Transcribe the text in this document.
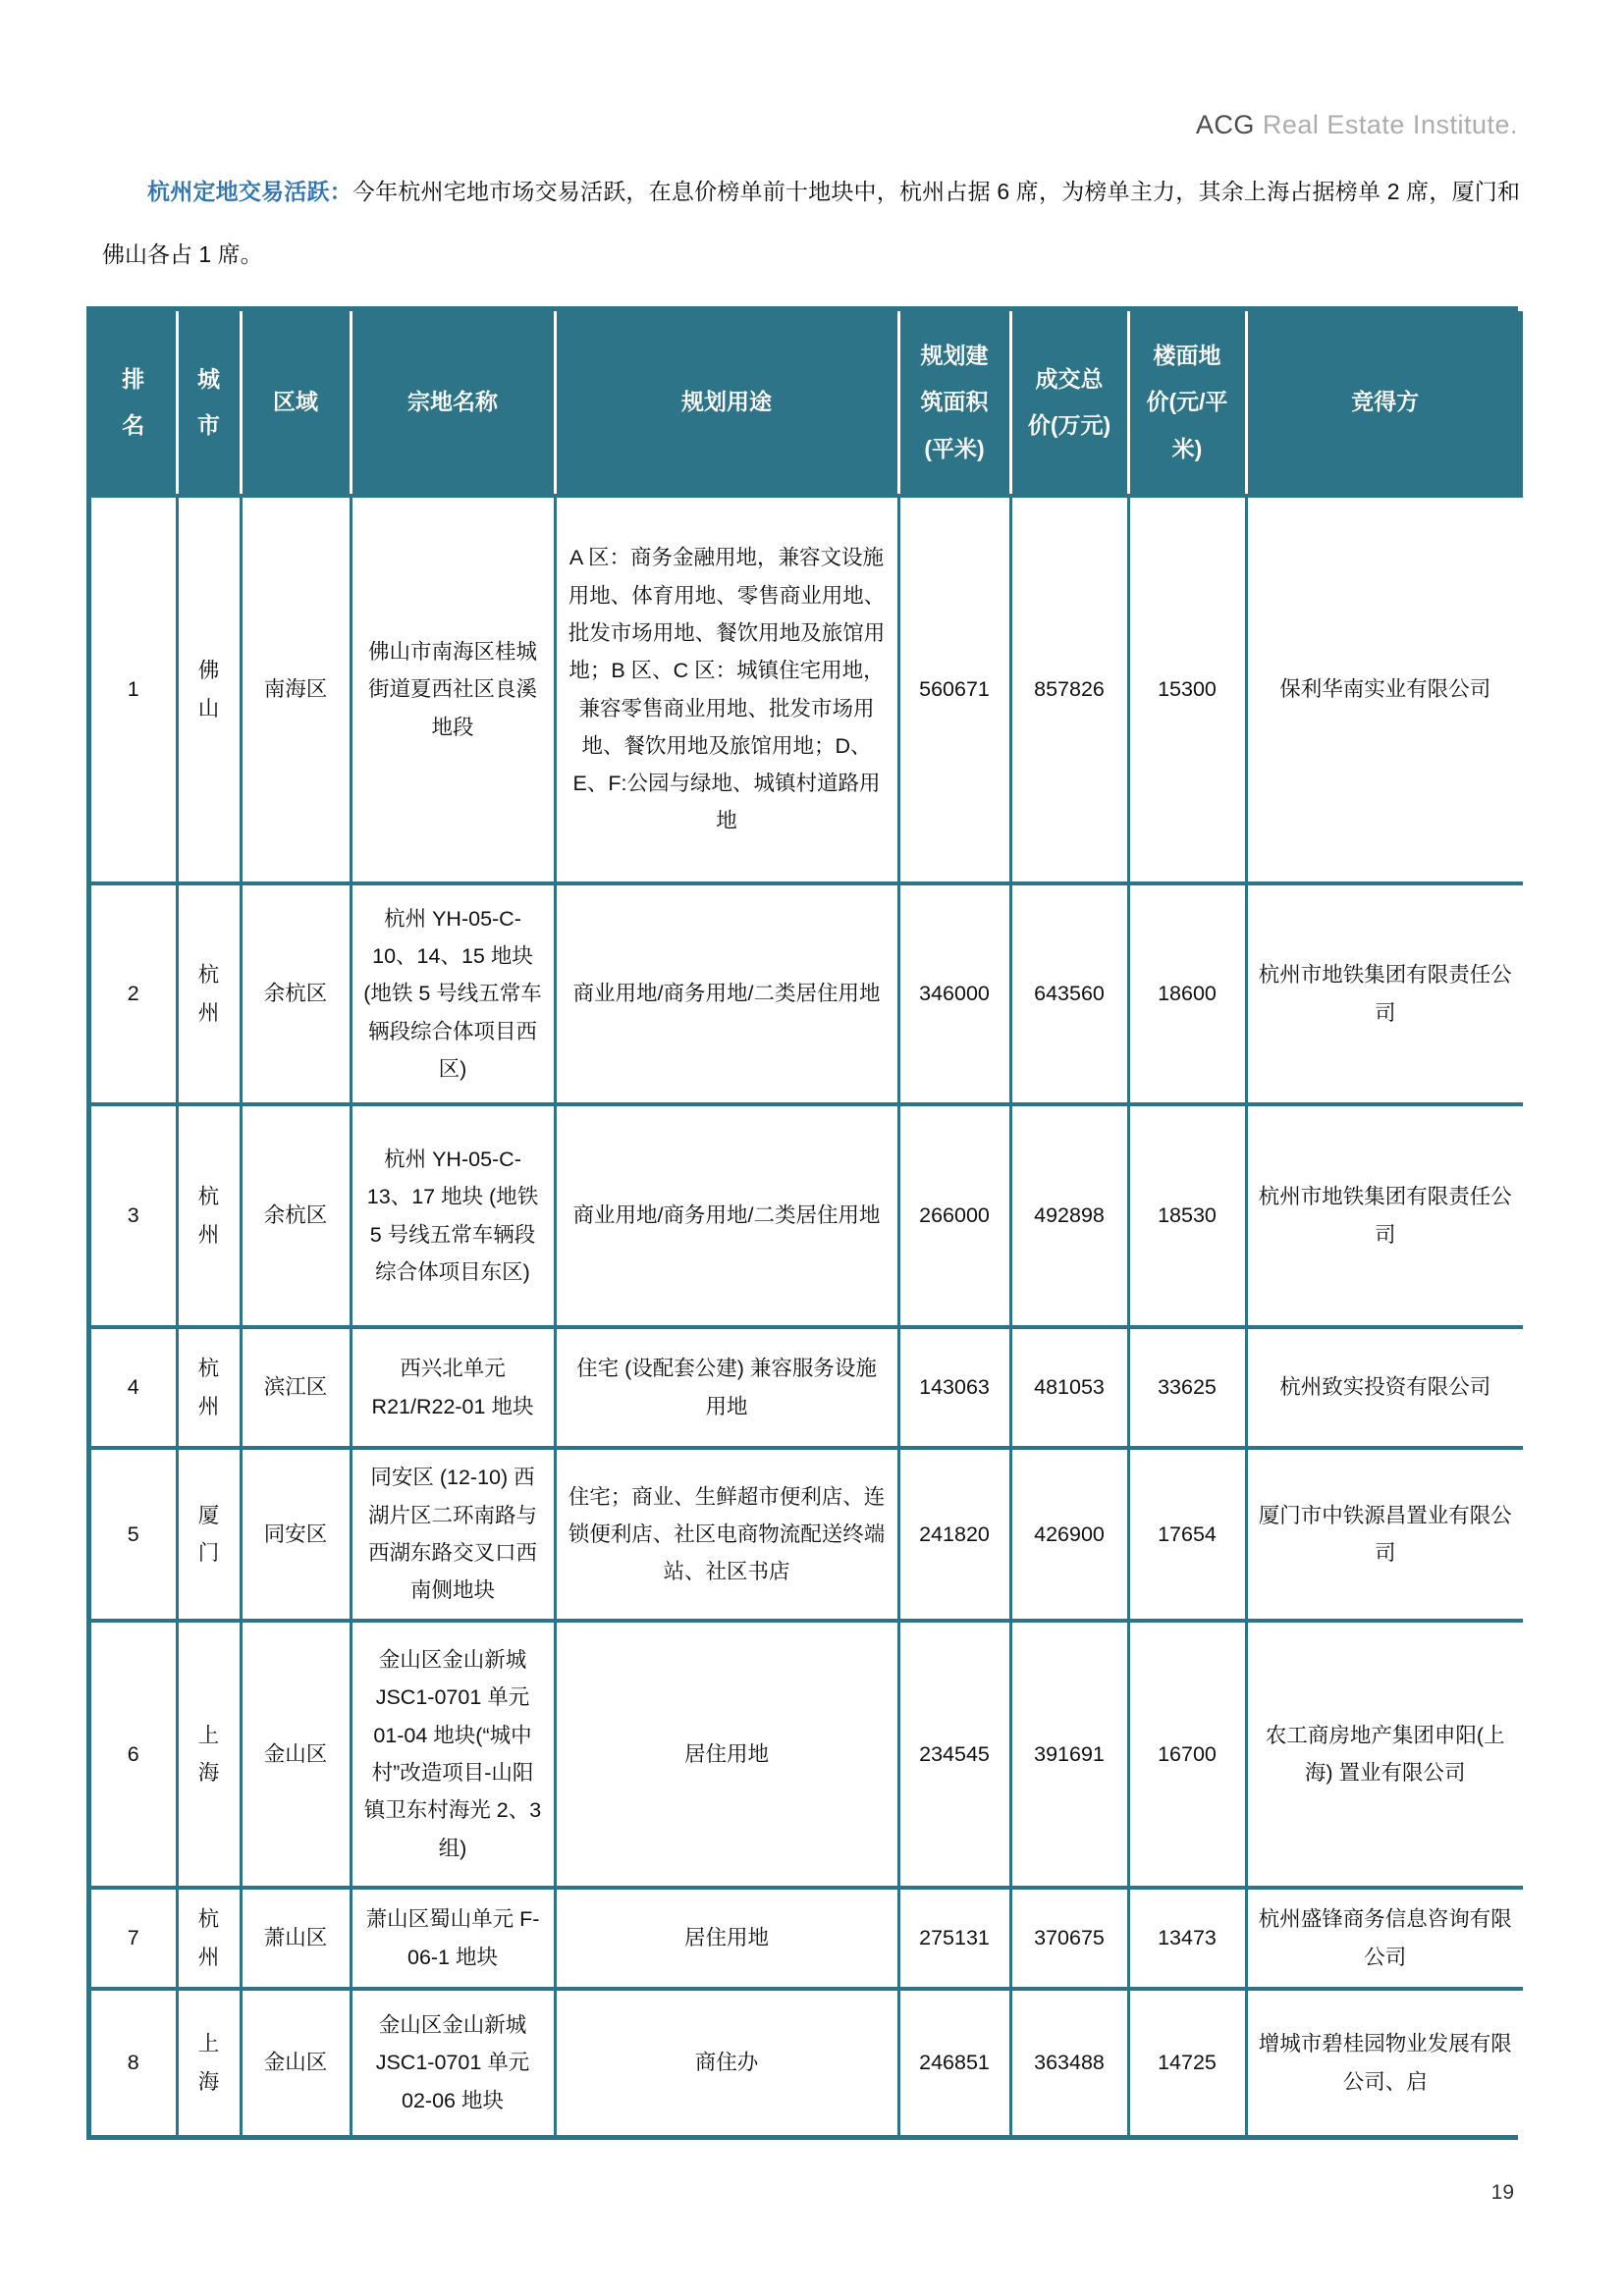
ACG Real Estate Institute.

杭州定地交易活跃：今年杭州宅地市场交易活跃，在息价榜单前十地块中，杭州占据 6 席，为榜单主力，其余上海占据榜单 2 席，厦门和佛山各占 1 席。

排名	城市	区域	宗地名称	规划用途	规划建筑面积(平米)	成交总价(万元)	楼面地价(元/平米)	竞得方
1	佛山	南海区	佛山市南海区桂城街道夏西社区良溪地段	A 区：商务金融用地，兼容文设施用地、体育用地、零售商业用地、批发市场用地、餐饮用地及旅馆用地；B 区、C 区：城镇住宅用地，兼容零售商业用地、批发市场用地、餐饮用地及旅馆用地；D、E、F:公园与绿地、城镇村道路用地	560671	857826	15300	保利华南实业有限公司
2	杭州	余杭区	杭州 YH-05-C-10、14、15 地块 (地铁 5 号线五常车辆段综合体项目西区)	商业用地/商务用地/二类居住用地	346000	643560	18600	杭州市地铁集团有限责任公司
3	杭州	余杭区	杭州 YH-05-C-13、17 地块 (地铁 5 号线五常车辆段综合体项目东区)	商业用地/商务用地/二类居住用地	266000	492898	18530	杭州市地铁集团有限责任公司
4	杭州	滨江区	西兴北单元 R21/R22-01 地块	住宅 (设配套公建) 兼容服务设施用地	143063	481053	33625	杭州致实投资有限公司
5	厦门	同安区	同安区 (12-10) 西湖片区二环南路与西湖东路交叉口西南侧地块	住宅；商业、生鲜超市便利店、连锁便利店、社区电商物流配送终端站、社区书店	241820	426900	17654	厦门市中铁源昌置业有限公司
6	上海	金山区	金山区金山新城 JSC1-0701 单元 01-04 地块(“城中村”改造项目-山阳镇卫东村海光 2、3 组)	居住用地	234545	391691	16700	农工商房地产集团申阳(上海) 置业有限公司
7	杭州	萧山区	萧山区蜀山单元 F-06-1 地块	居住用地	275131	370675	13473	杭州盛锋商务信息咨询有限公司
8	上海	金山区	金山区金山新城 JSC1-0701 单元 02-06 地块	商住办	246851	363488	14725	增城市碧桂园物业发展有限公司、启
19
